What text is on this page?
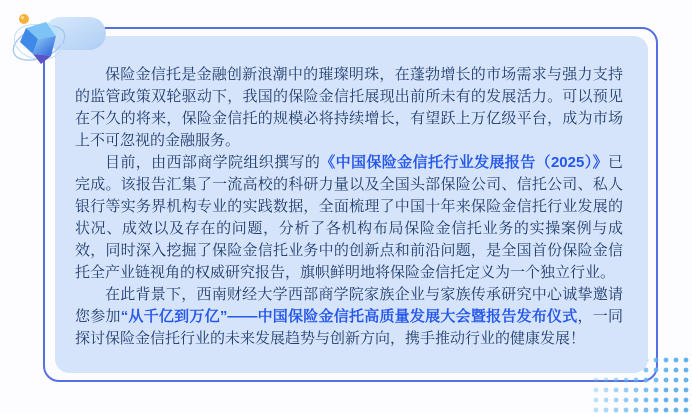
保险金信托是金融创新浪潮中的璀璨明珠，在蓬勃增长的市场需求与强力支持的监管政策双轮驱动下，我国的保险金信托展现出前所未有的发展活力。可以预见在不久的将来，保险金信托的规模必将持续增长，有望跃上万亿级平台，成为市场上不可忽视的金融服务。

目前，由西部商学院组织撰写的《中国保险金信托行业发展报告（2025）》已完成。该报告汇集了一流高校的科研力量以及全国头部保险公司、信托公司、私人银行等实务界机构专业的实践数据，全面梳理了中国十年来保险金信托行业发展的状况、成效以及存在的问题，分析了各机构布局保险金信托业务的实操案例与成效，同时深入挖掘了保险金信托业务中的创新点和前沿问题，是全国首份保险金信托全产业链视角的权威研究报告，旗帜鲜明地将保险金信托定义为一个独立行业。

在此背景下，西南财经大学西部商学院家族企业与家族传承研究中心诚挚邀请您参加“从千亿到万亿”——中国保险金信托高质量发展大会暨报告发布仪式，一同探讨保险金信托行业的未来发展趋势与创新方向，携手推动行业的健康发展！
